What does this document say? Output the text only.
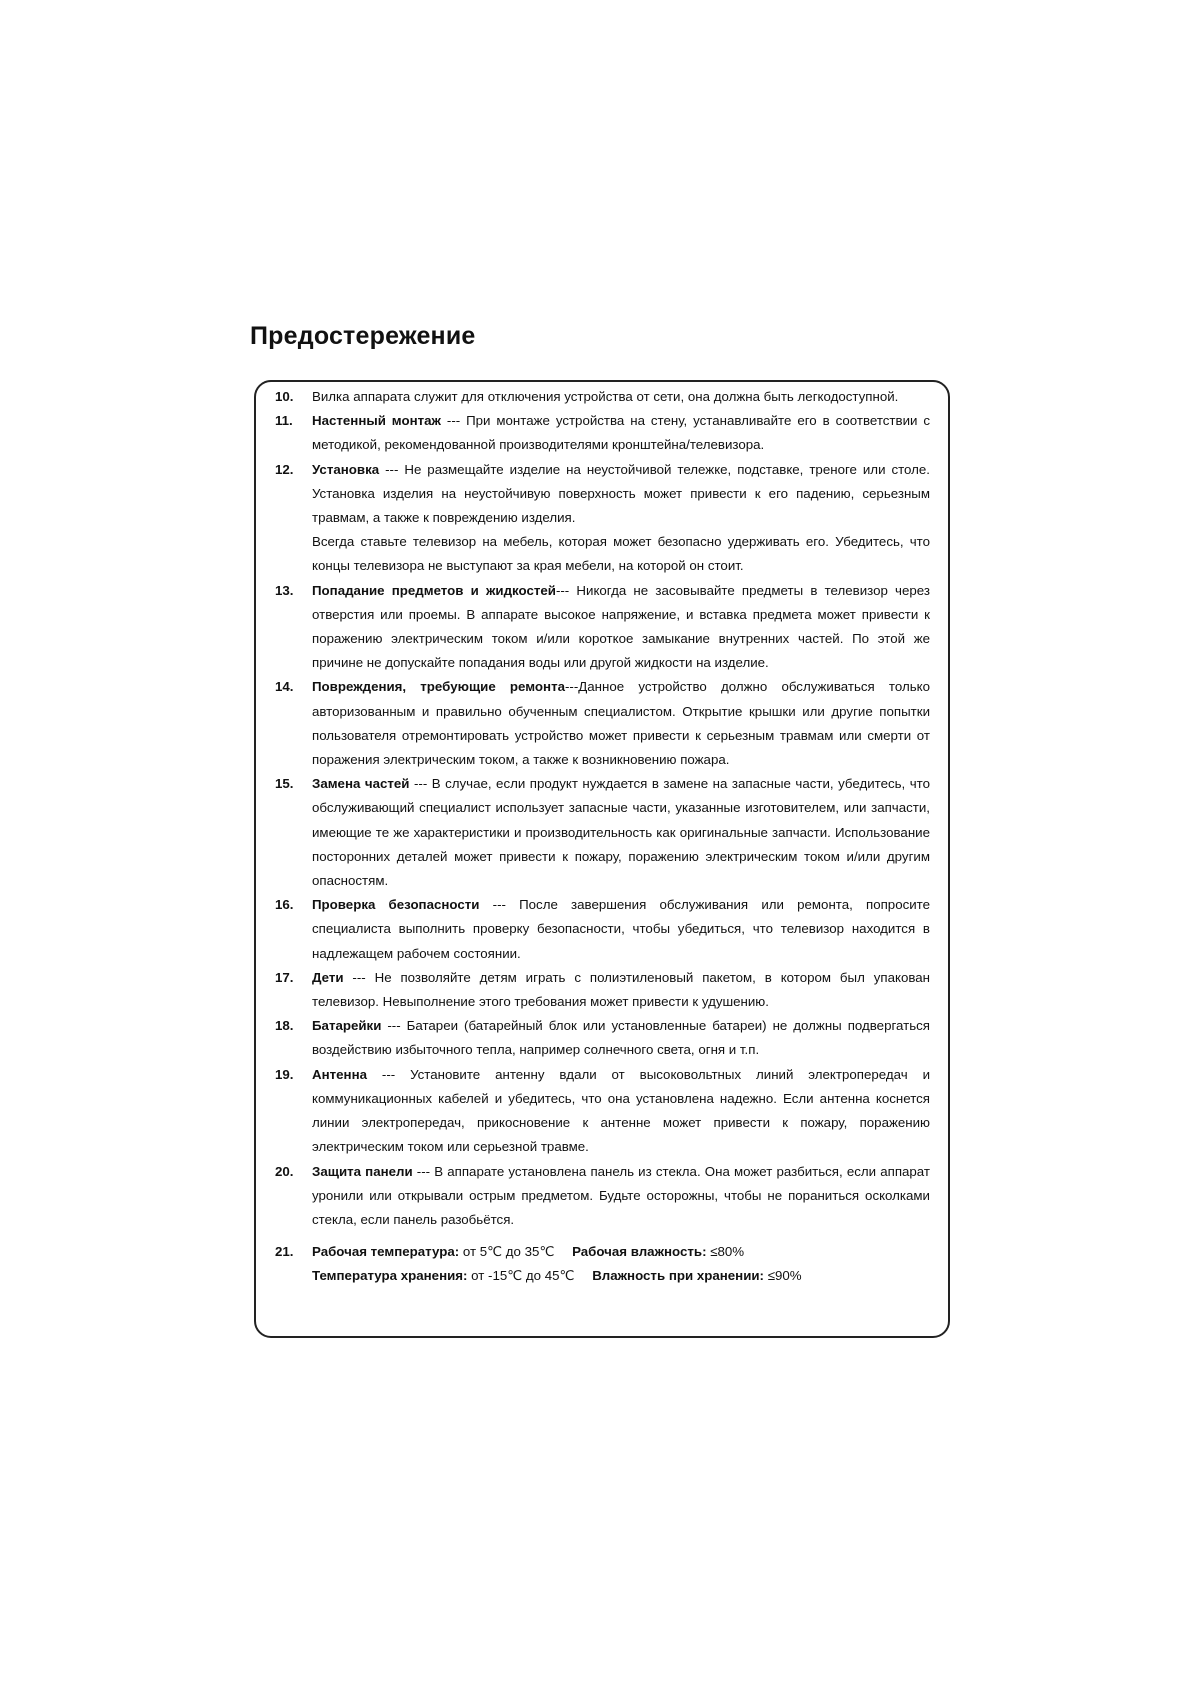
Предостережение
10.	Вилка аппарата служит для отключения устройства от сети, она должна быть легкодоступной.

11.	Настенный монтаж --- При монтаже устройства на стену, устанавливайте его в соответствии с методикой, рекомендованной производителями кронштейна/телевизора.

12.	Установка --- Не размещайте изделие на неустойчивой тележке, подставке, треноге или столе. Установка изделия на неустойчивую поверхность может привести к его падению, серьезным травмам, а также к повреждению изделия.

Всегда ставьте телевизор на мебель, которая может безопасно удерживать его. Убедитесь, что концы телевизора не выступают за края мебели, на которой он стоит.

13.	Попадание предметов и жидкостей--- Никогда не засовывайте предметы в телевизор через отверстия или проемы. В аппарате высокое напряжение, и вставка предмета может привести к поражению электрическим током и/или короткое замыкание внутренних частей. По этой же причине не допускайте попадания воды или другой жидкости на изделие.

14.	Повреждения, требующие ремонта---Данное устройство должно обслуживаться только авторизованным и правильно обученным специалистом. Открытие крышки или другие попытки пользователя отремонтировать устройство может привести к серьезным травмам или смерти от поражения электрическим током, а также к возникновению пожара.

15.	Замена частей --- В случае, если продукт нуждается в замене на запасные части, убедитесь, что обслуживающий специалист использует запасные части, указанные изготовителем, или запчасти, имеющие те же характеристики и производительность как оригинальные запчасти. Использование посторонних деталей может привести к пожару, поражению электрическим током и/или другим опасностям.

16.	Проверка безопасности --- После завершения обслуживания или ремонта, попросите специалиста выполнить проверку безопасности, чтобы убедиться, что телевизор находится в надлежащем рабочем состоянии.

17.	Дети --- Не позволяйте детям играть с полиэтиленовый пакетом, в котором был упакован телевизор. Невыполнение этого требования может привести к удушению.

18.	Батарейки --- Батареи (батарейный блок или установленные батареи) не должны подвергаться воздействию избыточного тепла, например солнечного света, огня и т.п.

19.	Антенна --- Установите антенну вдали от высоковольтных линий электропередач и коммуникационных кабелей и убедитесь, что она установлена надежно. Если антенна коснется линии электропередач, прикосновение к антенне может привести к пожару, поражению электрическим током или серьезной травме.

20.	Защита панели --- В аппарате установлена панель из стекла. Она может разбиться, если аппарат уронили или открывали острым предметом. Будьте осторожны, чтобы не пораниться осколками стекла, если панель разобьётся.

21.	Рабочая температура: от 5℃ до 35℃ Рабочая влажность: ≤80%
Температура хранения: от -15℃ до 45℃ Влажность при хранении: ≤90%
